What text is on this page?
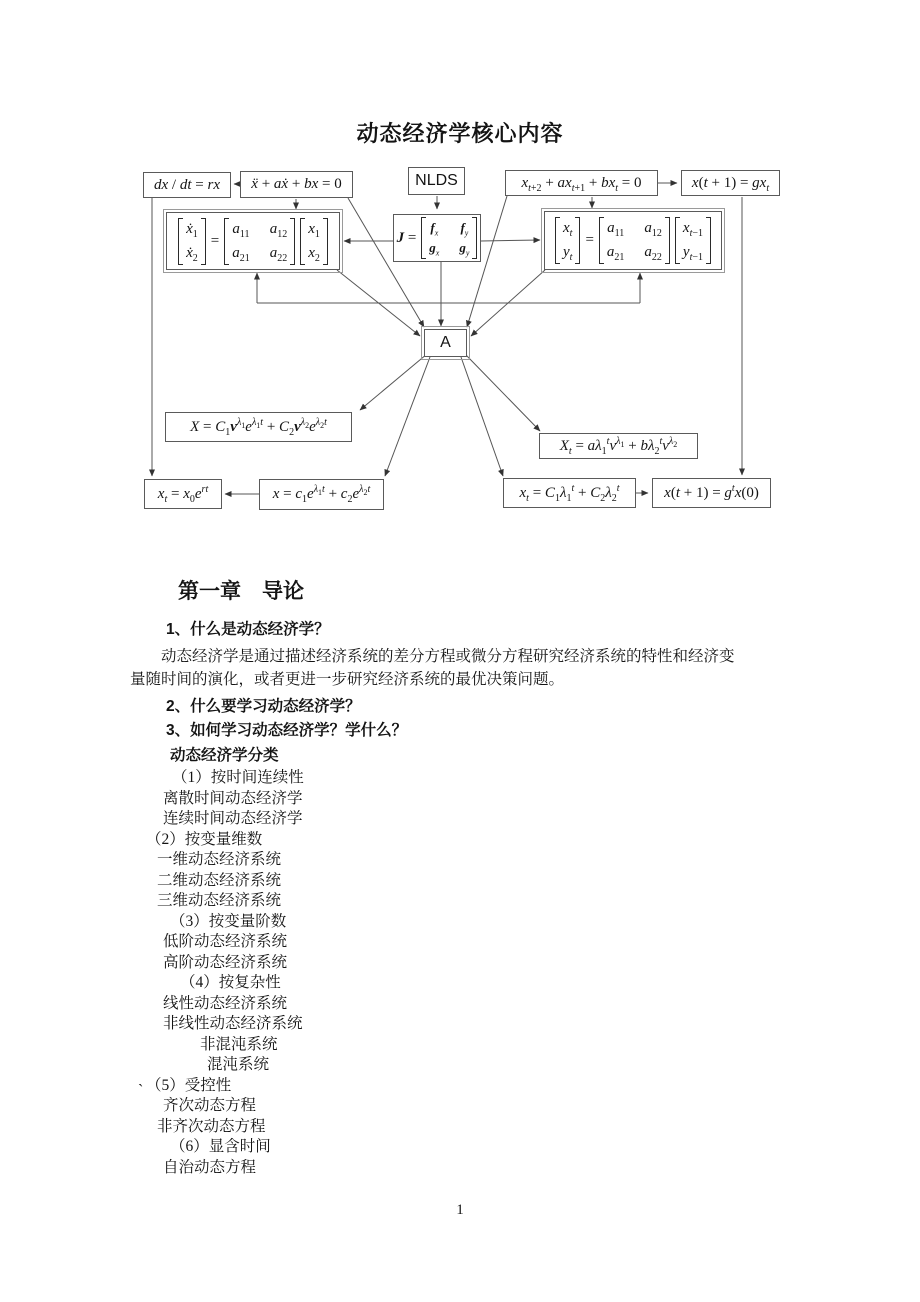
动态经济学核心内容
dx / dt = rx ẍ + aẋ + bx = 0	NLDS	$x_{t+2} + ax_{t+1} + bx_t = 0$	$x(t + 1) = gx_t$
ẋ$_1$
ẋ$_2$
=
$a_{11}$ $a_{12}$
$a_{21}$ $a_{22}$
$x_1$
$x_2$
J =
$f_x$ $f_y$
$g_x$ $g_y$
$x_t$
$y_t$
=
$a_{11}$ $a_{12}$
$a_{21}$ $a_{22}$
$x_{t-1}$
$y_{t-1}$
A
$X = C_1v^{\lambda_1}e^{\lambda_1t} + C_2v^{\lambda_2}e^{\lambda_2t}$
$X_t = a\lambda_1^t\nu^{\lambda_1} + b\lambda_2^t\nu^{\lambda_2}$
$x_t = x_0e^{rt}$	$x = c_1e^{\lambda_1t} + c_2e^{\lambda_2t}$	$x_t = C_1\lambda_1^t + C_2\lambda_2^t$	$x(t + 1) = g^tx(0)$
第一章　导论
1、什么是动态经济学？
动态经济学是通过描述经济系统的差分方程或微分方程研究经济系统的特性和经济变量随时间的演化，或者更进一步研究经济系统的最优决策问题。
2、什么要学习动态经济学？
3、如何学习动态经济学？学什么？
动态经济学分类
（1）按时间连续性
离散时间动态经济学
连续时间动态经济学
（2）按变量维数
一维动态经济系统
二维动态经济系统
三维动态经济系统
（3）按变量阶数
低阶动态经济系统
高阶动态经济系统
（4）按复杂性
线性动态经济系统
非线性动态经济系统
非混沌系统
混沌系统
（5）受控性
齐次动态方程
非齐次动态方程
（6）显含时间
自治动态方程
`
1
